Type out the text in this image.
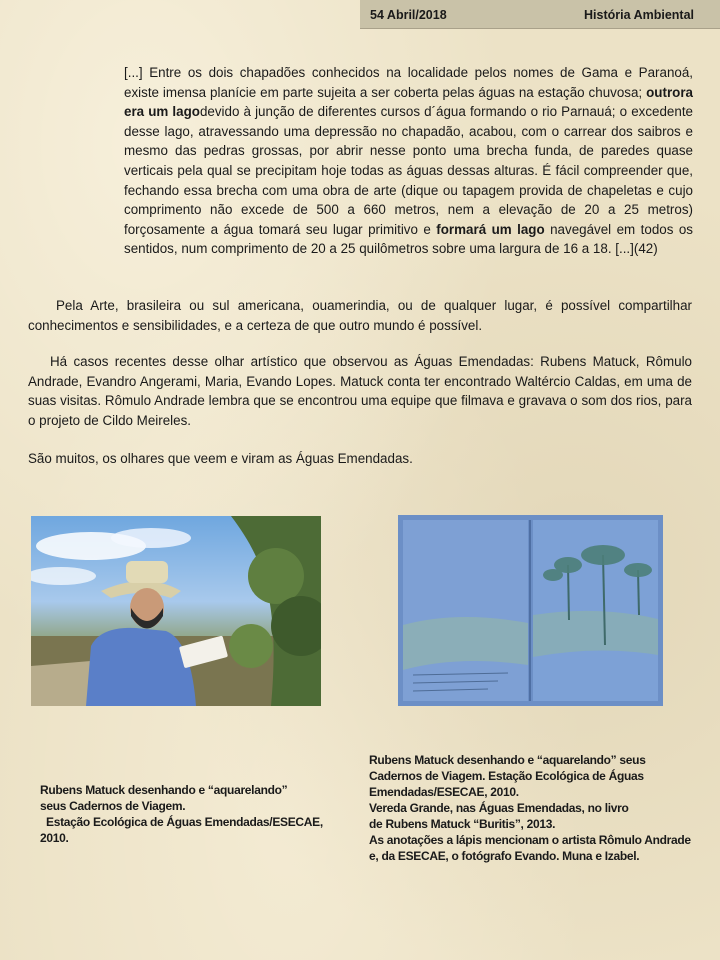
54 Abril/2018	História Ambiental
[...] Entre os dois chapadões conhecidos na localidade pelos nomes de Gama e Paranoá, existe imensa planície em parte sujeita a ser coberta pelas águas na estação chuvosa; outrora era um lagodevido à junção de diferentes cursos d´água formando o rio Parnauá; o excedente desse lago, atravessando uma depressão no chapadão, acabou, com o carrear dos saibros e mesmo das pedras grossas, por abrir nesse ponto uma brecha funda, de paredes quase verticais pela qual se precipitam hoje todas as águas dessas alturas. É fácil compreender que, fechando essa brecha com uma obra de arte (dique ou tapagem provida de chapeletas e cujo comprimento não excede de 500 a 660 metros, nem a elevação de 20 a 25 metros) forçosamente a água tomará seu lugar primitivo e formará um lago navegável em todos os sentidos, num comprimento de 20 a 25 quilômetros sobre uma largura de 16 a 18. [...](42)
Pela Arte, brasileira ou sul americana, ouamerindia, ou de qualquer lugar, é possível compartilhar conhecimentos e sensibilidades, e a certeza de que outro mundo é possível.
Há casos recentes desse olhar artístico que observou as Águas Emendadas: Rubens Matuck, Rômulo Andrade, Evandro Angerami, Maria, Evando Lopes. Matuck conta ter encontrado Waltércio Caldas, em uma de suas visitas. Rômulo Andrade lembra que se encontrou uma equipe que filmava e gravava o som dos rios, para o projeto de Cildo Meireles.
São muitos, os olhares que veem e viram as Águas Emendadas.
Rubens Matuck desenhando e “aquarelando”
seus Cadernos de Viagem.
Estação Ecológica de Águas Emendadas/ESECAE,
2010.
Rubens Matuck desenhando e “aquarelando” seus
Cadernos de Viagem. Estação Ecológica de Águas
Emendadas/ESECAE, 2010.
Vereda Grande, nas Águas Emendadas, no livro
de Rubens Matuck “Buritis”, 2013.
As anotações a lápis mencionam o artista Rômulo Andrade
e, da ESECAE, o fotógrafo Evando. Muna e Izabel.
